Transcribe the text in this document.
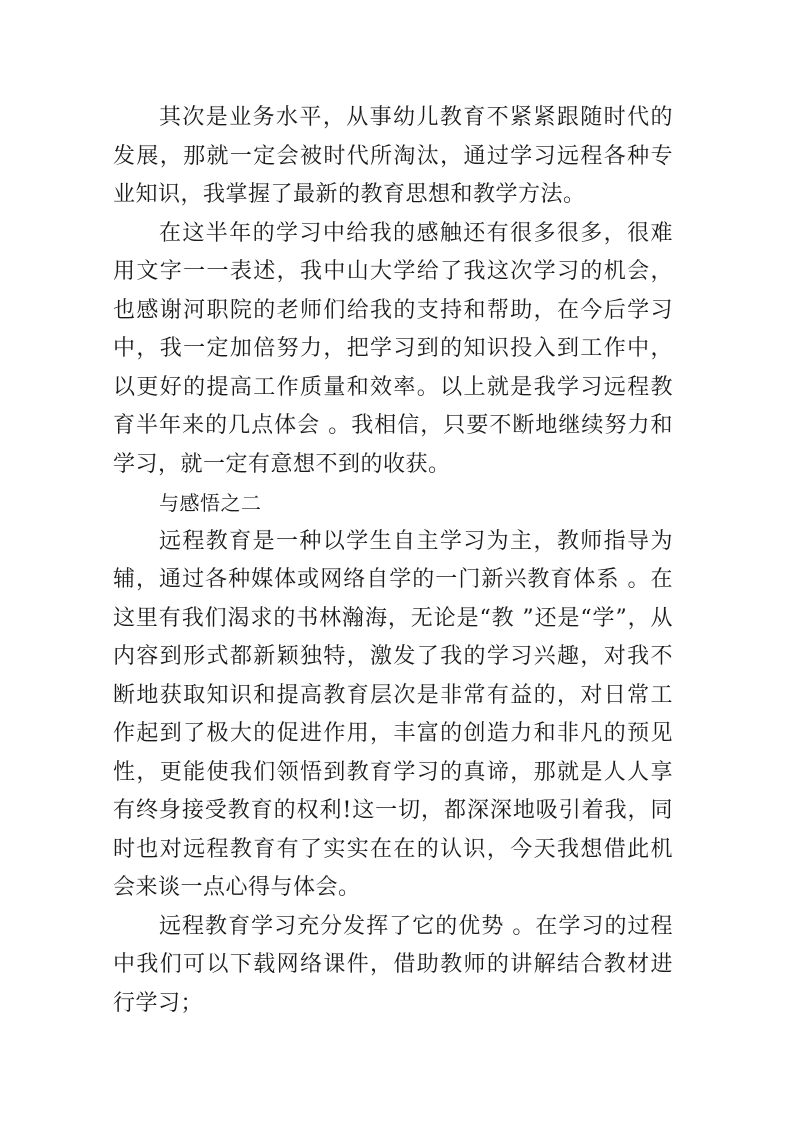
其次是业务水平，从事幼儿教育不紧紧跟随时代的发展，那就一定会被时代所淘汰，通过学习远程各种专业知识，我掌握了最新的教育思想和教学方法。

在这半年的学习中给我的感触还有很多很多，很难用文字一一表述，我中山大学给了我这次学习的机会，也感谢河职院的老师们给我的支持和帮助，在今后学习中，我一定加倍努力，把学习到的知识投入到工作中，以更好的提高工作质量和效率。以上就是我学习远程教育半年来的几点体会 。我相信，只要不断地继续努力和学习，就一定有意想不到的收获。

与感悟之二

远程教育是一种以学生自主学习为主，教师指导为辅，通过各种媒体或网络自学的一门新兴教育体系 。在这里有我们渴求的书林瀚海，无论是“教 ”还是“学”，从内容到形式都新颖独特，激发了我的学习兴趣，对我不断地获取知识和提高教育层次是非常有益的，对日常工作起到了极大的促进作用，丰富的创造力和非凡的预见性，更能使我们领悟到教育学习的真谛，那就是人人享有终身接受教育的权利!这一切，都深深地吸引着我，同时也对远程教育有了实实在在的认识，今天我想借此机会来谈一点心得与体会。

远程教育学习充分发挥了它的优势 。在学习的过程中我们可以下载网络课件，借助教师的讲解结合教材进行学习；
